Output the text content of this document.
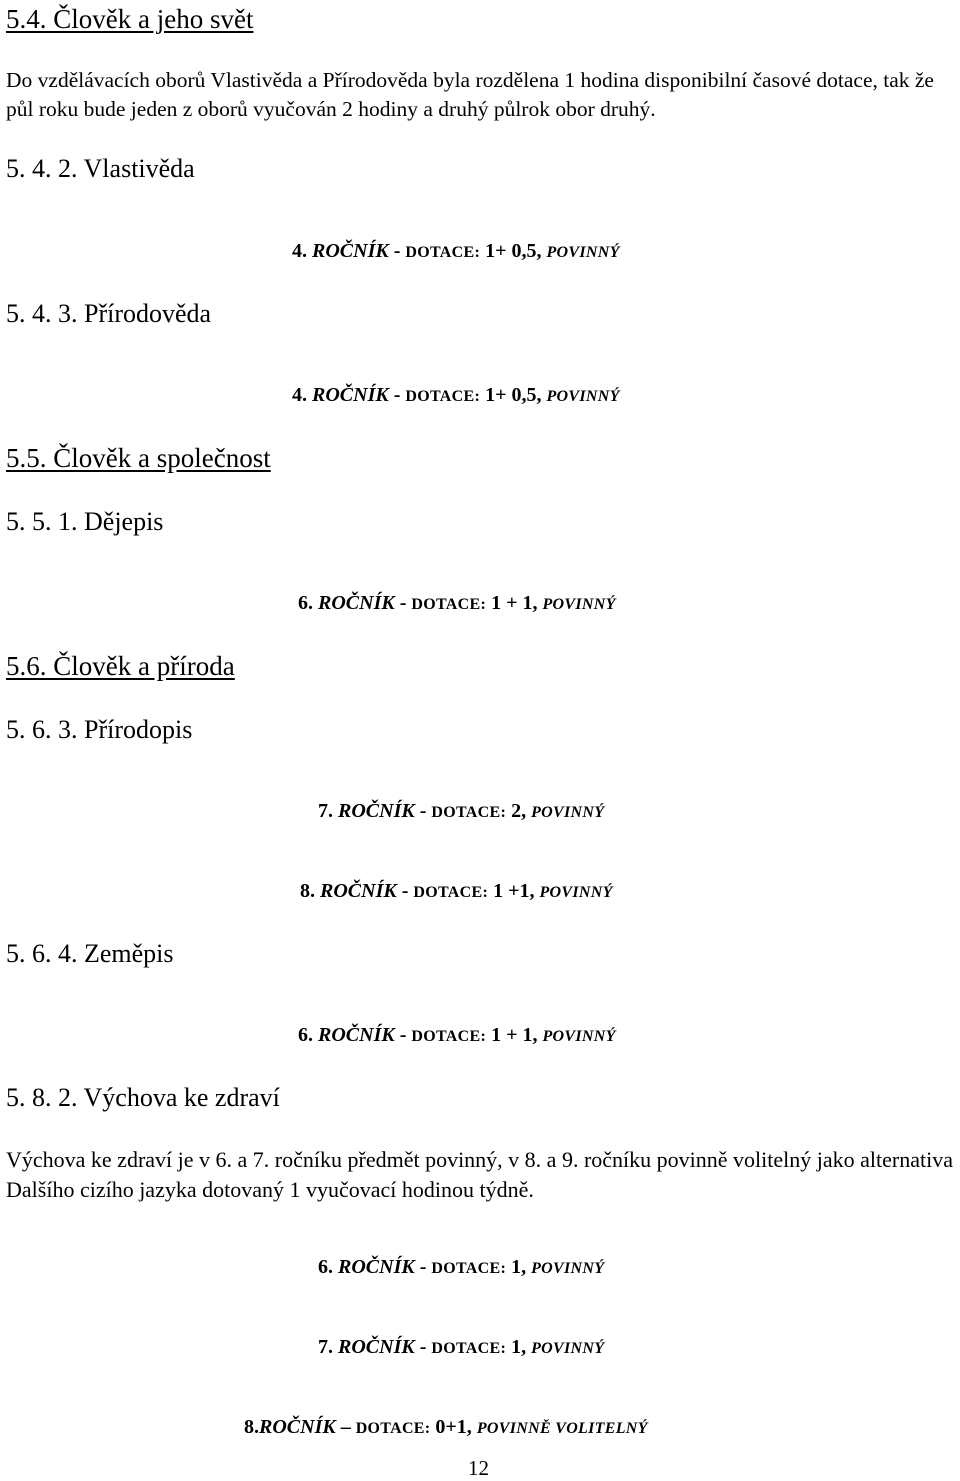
5.4. Člověk a jeho svět
Do vzdělávacích oborů Vlastivěda a Přírodověda byla rozdělena 1 hodina disponibilní časové dotace, tak že půl roku bude jeden z oborů vyučován 2 hodiny a druhý půlrok obor druhý.
5. 4. 2. Vlastivěda
4. ROČNÍK - DOTACE: 1+ 0,5, POVINNÝ
5. 4. 3. Přírodověda
4. ROČNÍK - DOTACE: 1+ 0,5, POVINNÝ
5.5. Člověk a společnost
5. 5. 1. Dějepis
6. ROČNÍK - DOTACE: 1 + 1, POVINNÝ
5.6. Člověk a příroda
5. 6. 3. Přírodopis
7. ROČNÍK - DOTACE: 2, POVINNÝ
8. ROČNÍK - DOTACE: 1 +1, POVINNÝ
5. 6. 4. Zeměpis
6. ROČNÍK - DOTACE: 1 + 1, POVINNÝ
5. 8. 2. Výchova ke zdraví
Výchova ke zdraví je v 6. a 7. ročníku předmět povinný, v 8. a 9. ročníku povinně volitelný jako alternativa Dalšího cizího jazyka dotovaný 1 vyučovací hodinou týdně.
6. ROČNÍK - DOTACE: 1, POVINNÝ
7. ROČNÍK - DOTACE: 1, POVINNÝ
8.ROČNÍK – DOTACE: 0+1, POVINNĚ VOLITELNÝ
12
